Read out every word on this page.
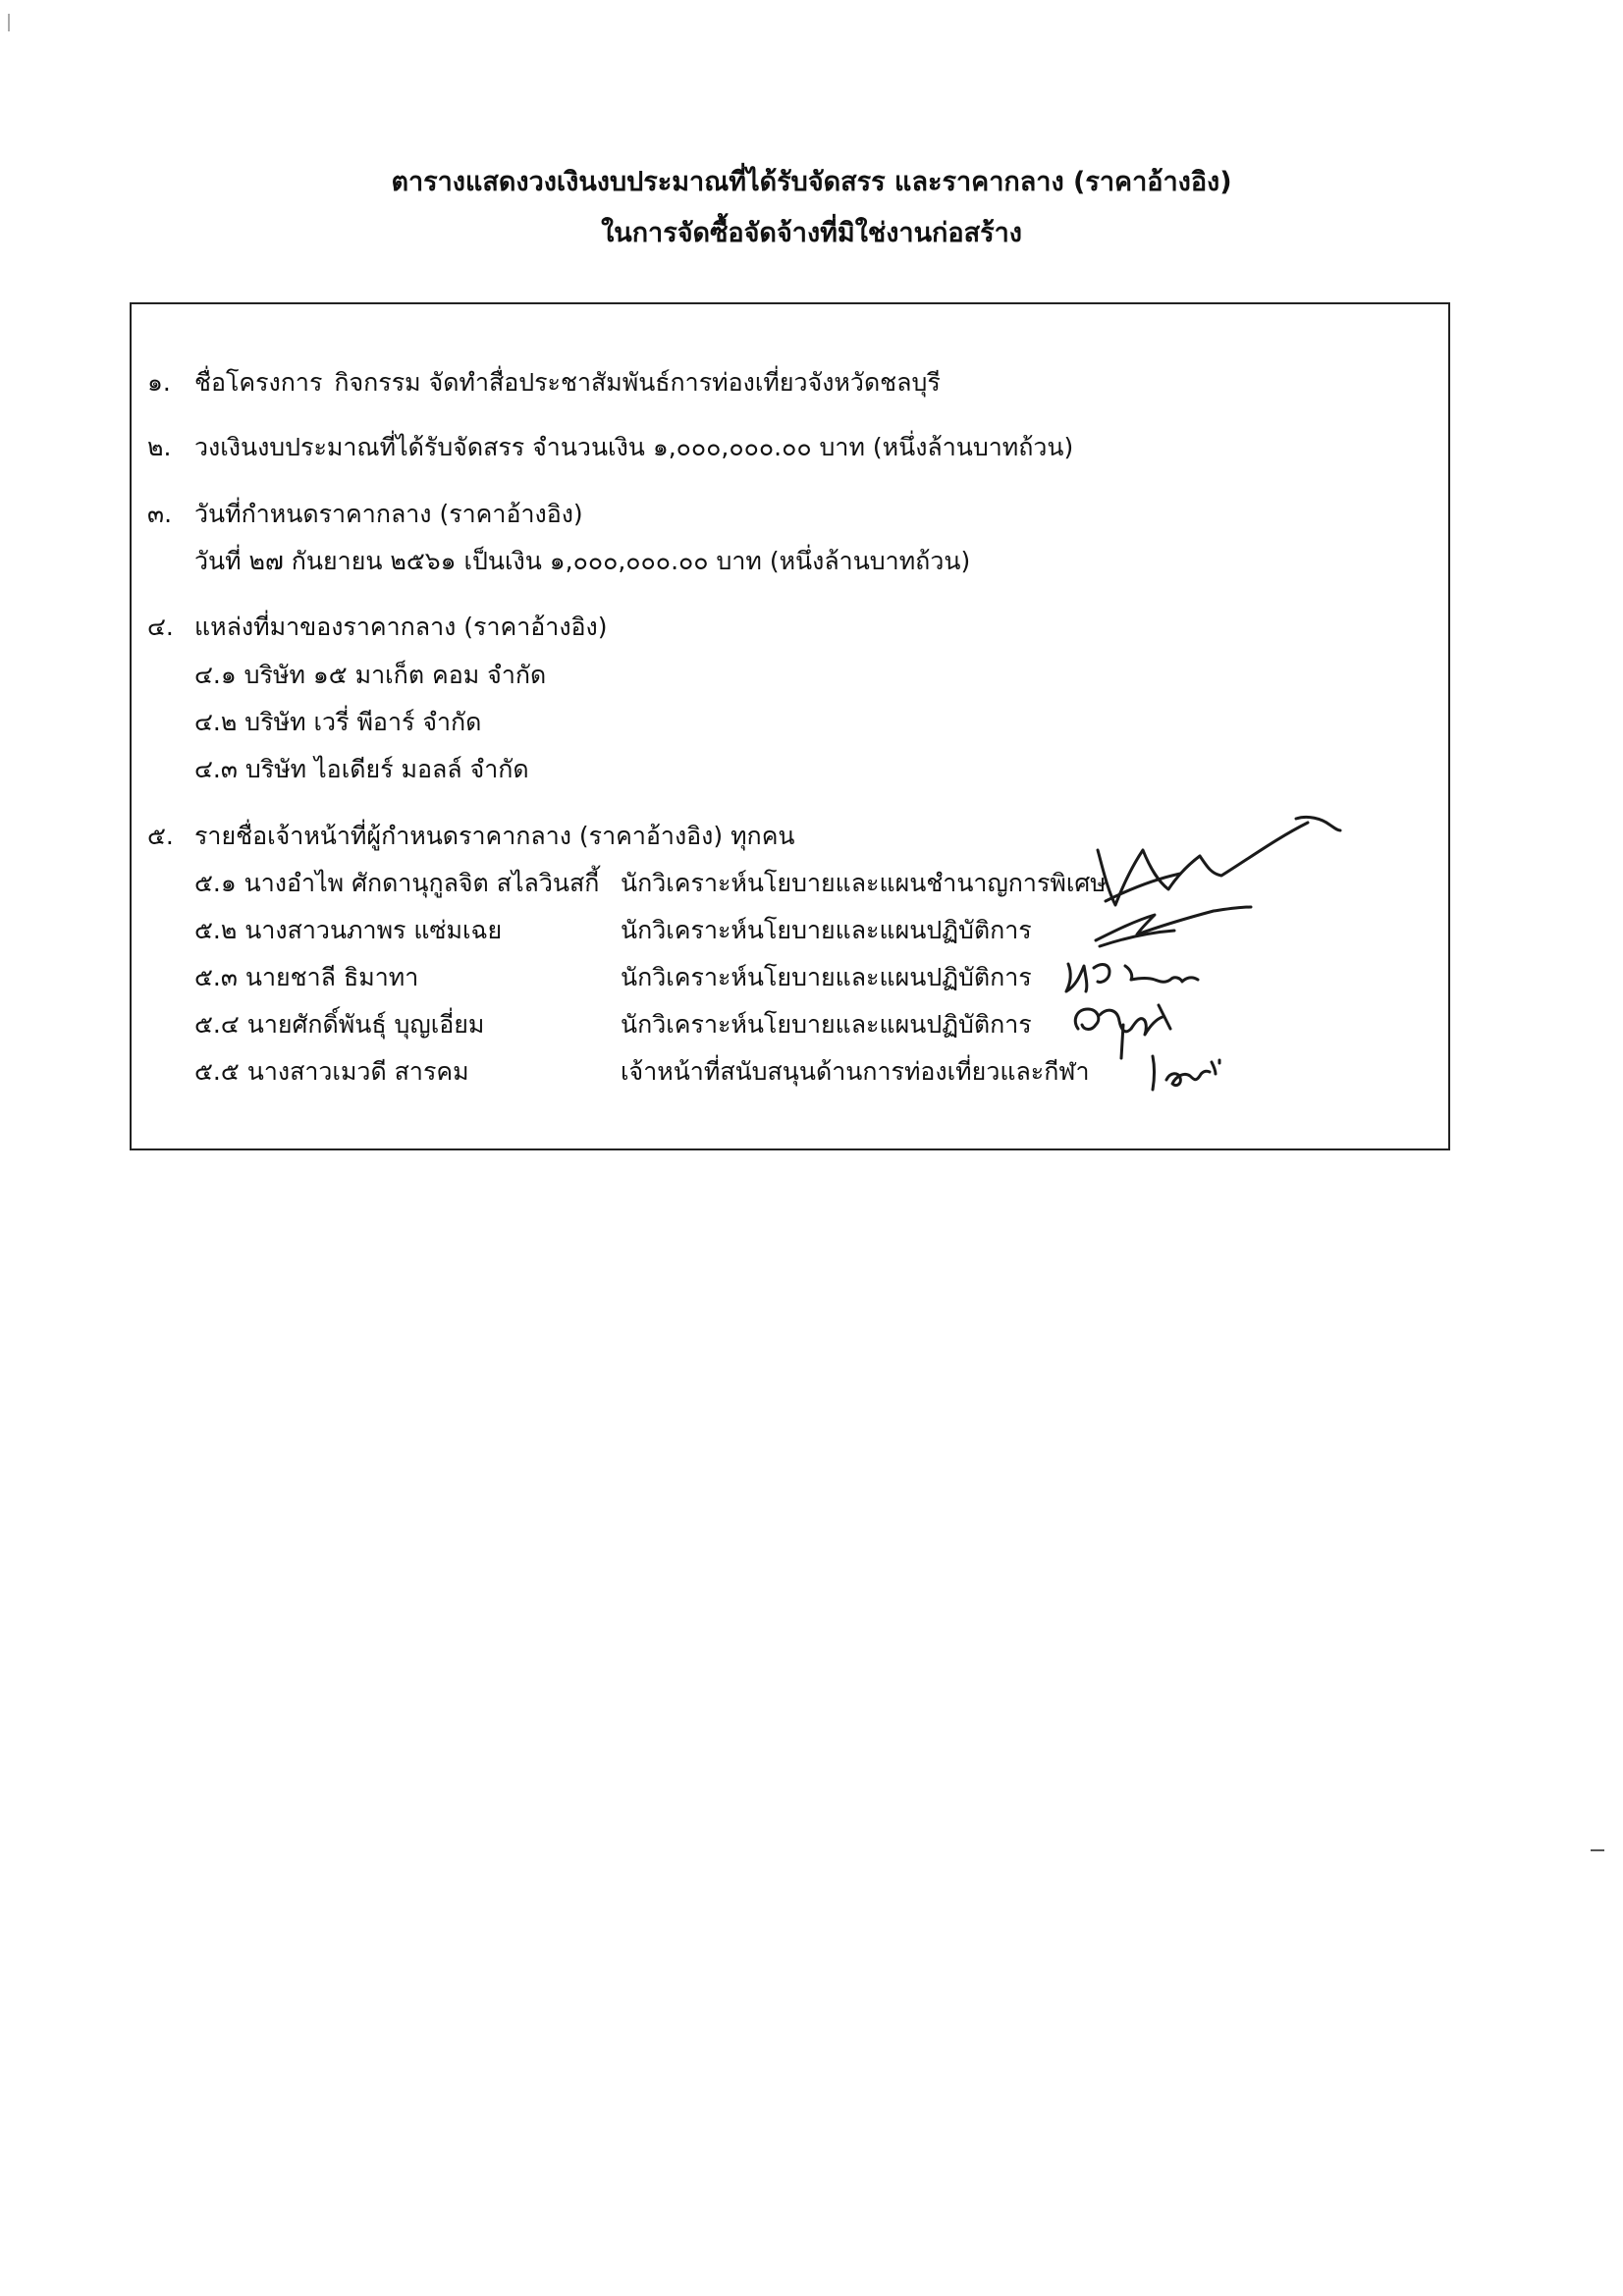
ตารางแสดงวงเงินงบประมาณที่ได้รับจัดสรร และราคากลาง (ราคาอ้างอิง)
ในการจัดซื้อจัดจ้างที่มิใช่งานก่อสร้าง
๑. ชื่อโครงการ กิจกรรม จัดทำสื่อประชาสัมพันธ์การท่องเที่ยวจังหวัดชลบุรี
๒. วงเงินงบประมาณที่ได้รับจัดสรร จำนวนเงิน ๑,๐๐๐,๐๐๐.๐๐ บาท (หนึ่งล้านบาทถ้วน)
๓. วันที่กำหนดราคากลาง (ราคาอ้างอิง)
วันที่ ๒๗ กันยายน ๒๕๖๑ เป็นเงิน ๑,๐๐๐,๐๐๐.๐๐ บาท (หนึ่งล้านบาทถ้วน)
๔. แหล่งที่มาของราคากลาง (ราคาอ้างอิง)
๔.๑ บริษัท ๑๕ มาเก็ต คอม จำกัด
๔.๒ บริษัท เวรี่ พีอาร์ จำกัด
๔.๓ บริษัท ไอเดียร์ มอลล์ จำกัด
๕. รายชื่อเจ้าหน้าที่ผู้กำหนดราคากลาง (ราคาอ้างอิง) ทุกคน
๕.๑ นางอำไพ ศักดานุกูลจิต สไลวินสกี้ นักวิเคราะห์นโยบายและแผนชำนาญการพิเศษ
๕.๒ นางสาวนภาพร แซ่มเฉย	นักวิเคราะห์นโยบายและแผนปฏิบัติการ
๕.๓ นายชาลี ธิมาทา	นักวิเคราะห์นโยบายและแผนปฏิบัติการ
๕.๔ นายศักดิ์พันธุ์ บุญเอี่ยม	นักวิเคราะห์นโยบายและแผนปฏิบัติการ
๕.๕ นางสาวเมวดี สารคม	เจ้าหน้าที่สนับสนุนด้านการท่องเที่ยวและกีฬา
